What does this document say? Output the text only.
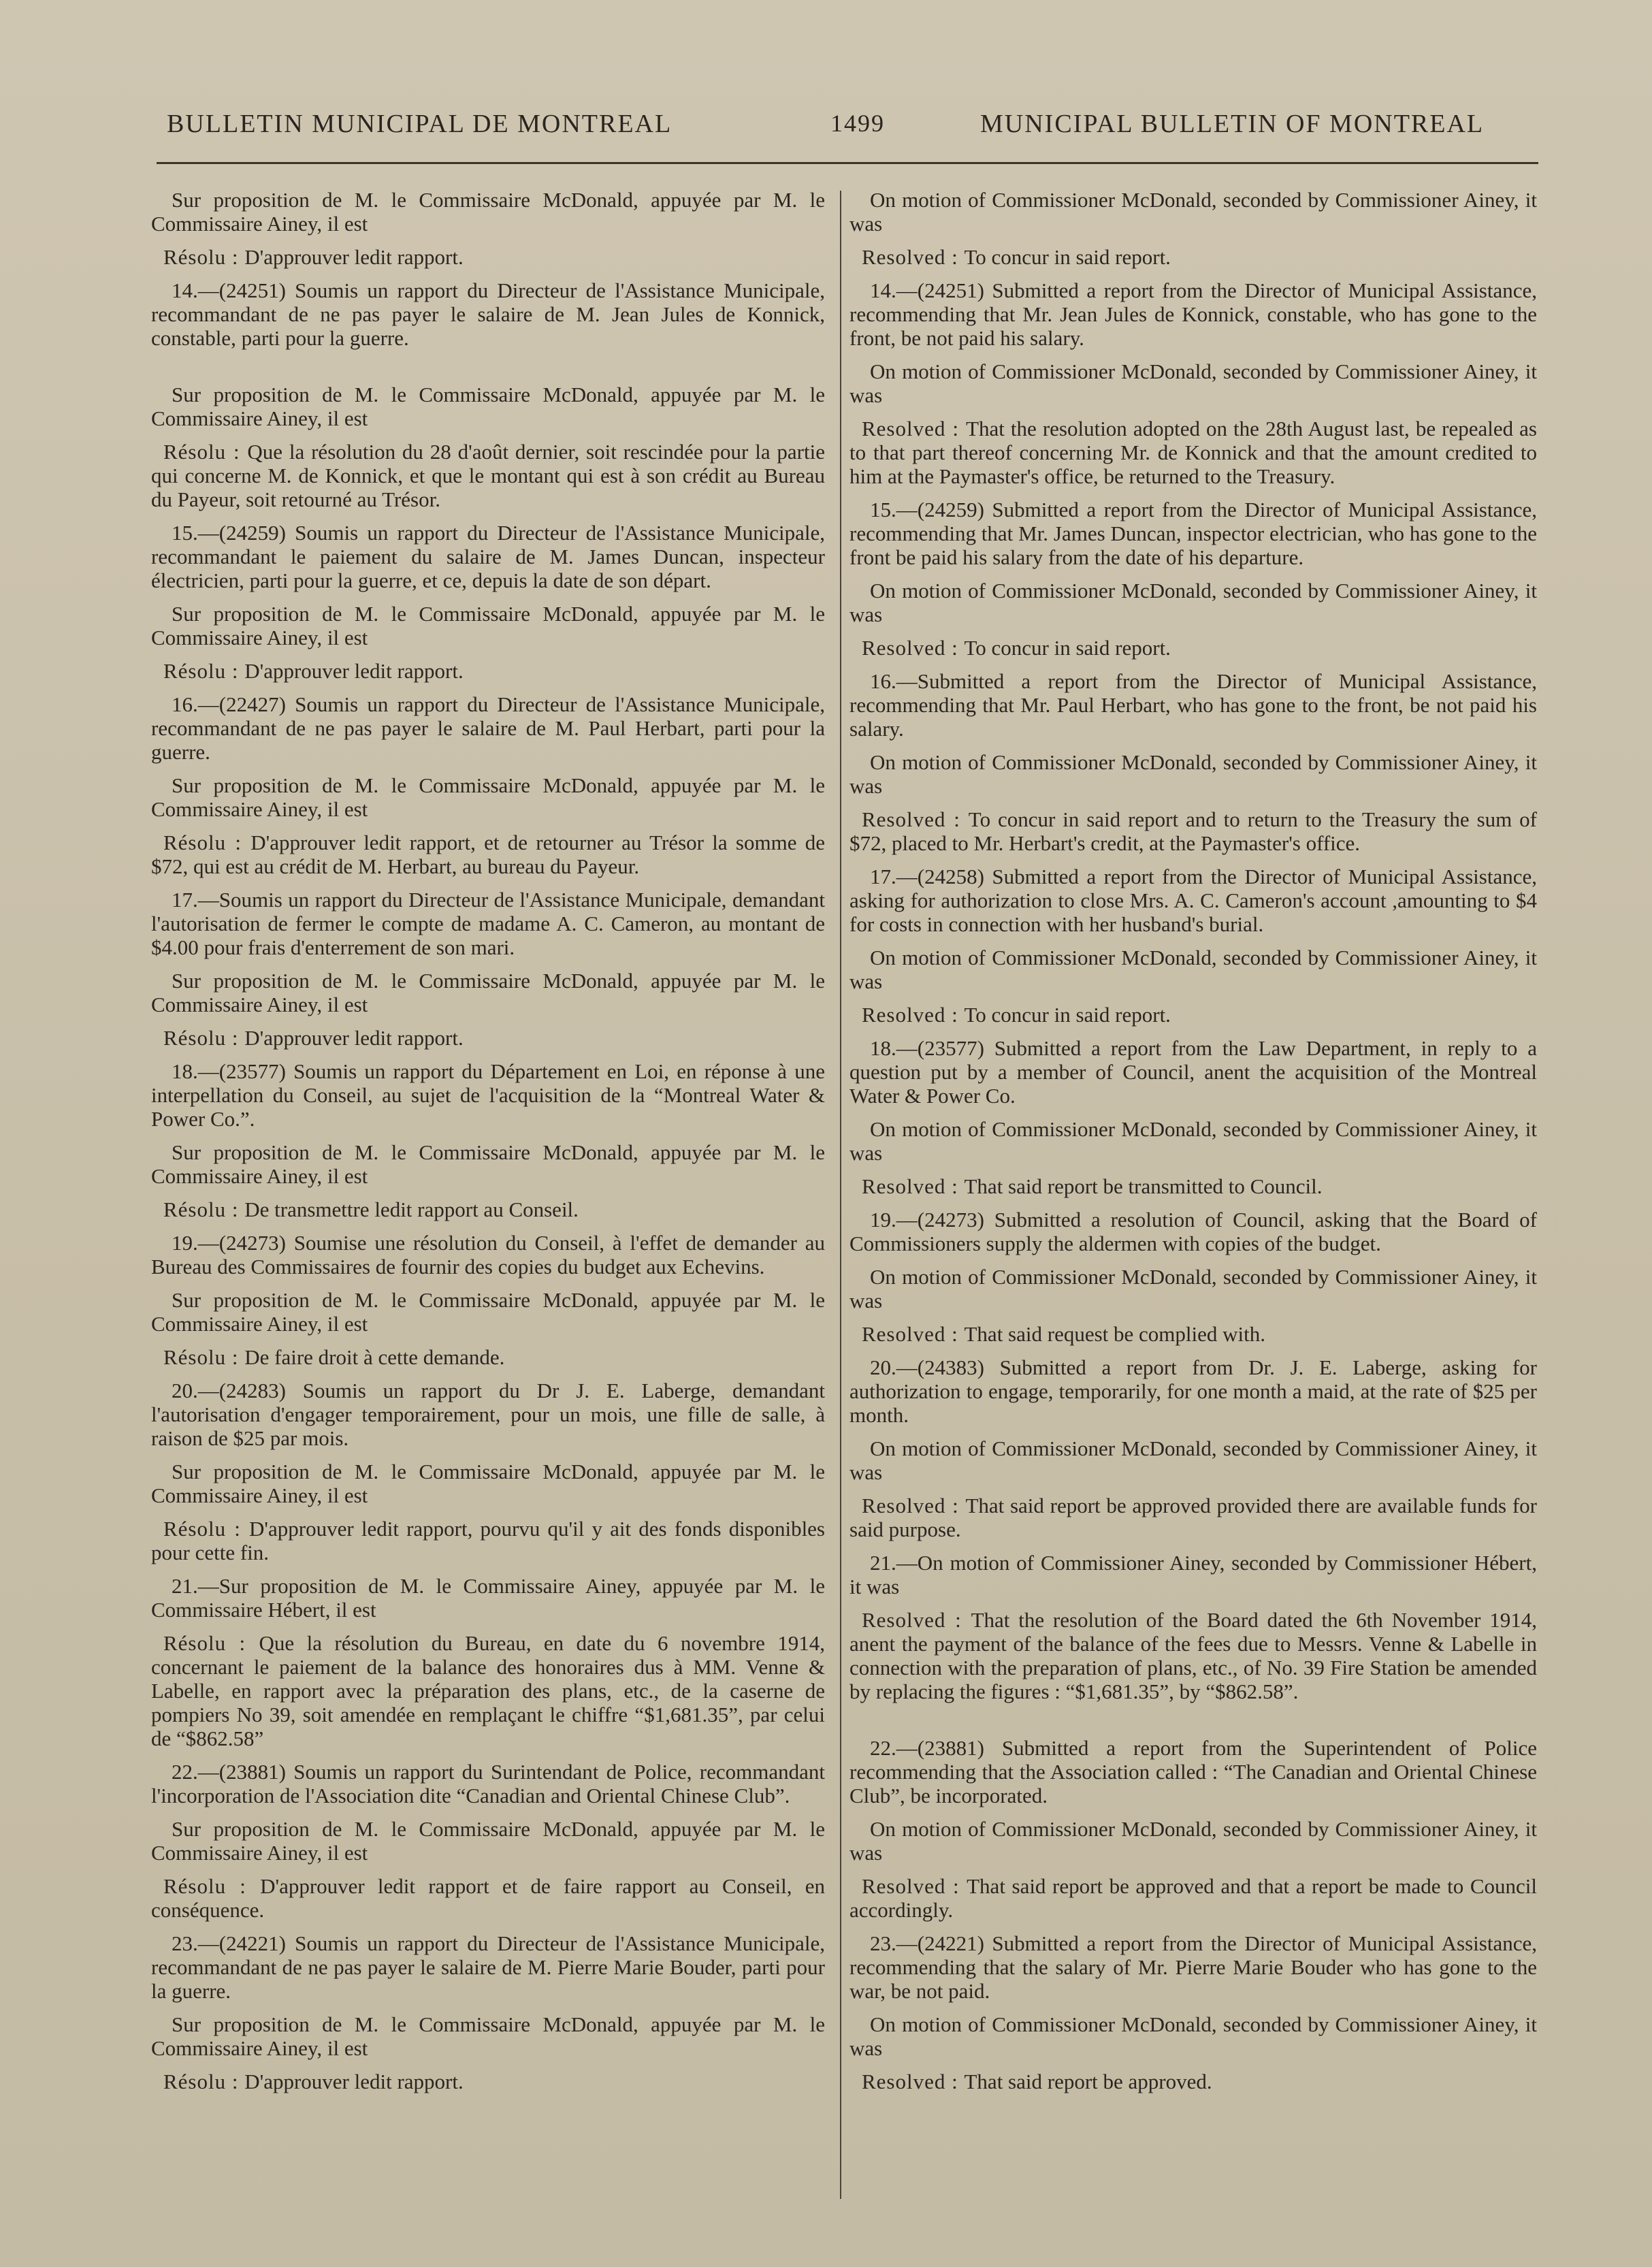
BULLETIN MUNICIPAL DE MONTREAL	1499	MUNICIPAL BULLETIN OF MONTREAL

Sur proposition de M. le Commissaire McDonald, appuyée par M. le Commissaire Ainey, il est

Résolu : D'approuver ledit rapport.

14.—(24251) Soumis un rapport du Directeur de l'Assistance Municipale, recommandant de ne pas payer le salaire de M. Jean Jules de Konnick, constable, parti pour la guerre.

Sur proposition de M. le Commissaire McDonald, appuyée par M. le Commissaire Ainey, il est

Résolu : Que la résolution du 28 d'août dernier, soit rescindée pour la partie qui concerne M. de Konnick, et que le montant qui est à son crédit au Bureau du Payeur, soit retourné au Trésor.

15.—(24259) Soumis un rapport du Directeur de l'Assistance Municipale, recommandant le paiement du salaire de M. James Duncan, inspecteur électricien, parti pour la guerre, et ce, depuis la date de son départ.

Sur proposition de M. le Commissaire McDonald, appuyée par M. le Commissaire Ainey, il est

Résolu : D'approuver ledit rapport.

16.—(22427) Soumis un rapport du Directeur de l'Assistance Municipale, recommandant de ne pas payer le salaire de M. Paul Herbart, parti pour la guerre.

Sur proposition de M. le Commissaire McDonald, appuyée par M. le Commissaire Ainey, il est

Résolu : D'approuver ledit rapport, et de retourner au Trésor la somme de $72, qui est au crédit de M. Herbart, au bureau du Payeur.

17.—Soumis un rapport du Directeur de l'Assistance Municipale, demandant l'autorisation de fermer le compte de madame A. C. Cameron, au montant de $4.00 pour frais d'enterrement de son mari.

Sur proposition de M. le Commissaire McDonald, appuyée par M. le Commissaire Ainey, il est

Résolu : D'approuver ledit rapport.

18.—(23577) Soumis un rapport du Département en Loi, en réponse à une interpellation du Conseil, au sujet de l'acquisition de la “Montreal Water & Power Co.”.

Sur proposition de M. le Commissaire McDonald, appuyée par M. le Commissaire Ainey, il est

Résolu : De transmettre ledit rapport au Conseil.

19.—(24273) Soumise une résolution du Conseil, à l'effet de demander au Bureau des Commissaires de fournir des copies du budget aux Echevins.

Sur proposition de M. le Commissaire McDonald, appuyée par M. le Commissaire Ainey, il est

Résolu : De faire droit à cette demande.

20.—(24283) Soumis un rapport du Dr J. E. Laberge, demandant l'autorisation d'engager temporairement, pour un mois, une fille de salle, à raison de $25 par mois.

Sur proposition de M. le Commissaire McDonald, appuyée par M. le Commissaire Ainey, il est

Résolu : D'approuver ledit rapport, pourvu qu'il y ait des fonds disponibles pour cette fin.

21.—Sur proposition de M. le Commissaire Ainey, appuyée par M. le Commissaire Hébert, il est

Résolu : Que la résolution du Bureau, en date du 6 novembre 1914, concernant le paiement de la balance des honoraires dus à MM. Venne & Labelle, en rapport avec la préparation des plans, etc., de la caserne de pompiers No 39, soit amendée en remplaçant le chiffre “$1,681.35”, par celui de “$862.58”

22.—(23881) Soumis un rapport du Surintendant de Police, recommandant l'incorporation de l'Association dite “Canadian and Oriental Chinese Club”.

Sur proposition de M. le Commissaire McDonald, appuyée par M. le Commissaire Ainey, il est

Résolu : D'approuver ledit rapport et de faire rapport au Conseil, en conséquence.

23.—(24221) Soumis un rapport du Directeur de l'Assistance Municipale, recommandant de ne pas payer le salaire de M. Pierre Marie Bouder, parti pour la guerre.

Sur proposition de M. le Commissaire McDonald, appuyée par M. le Commissaire Ainey, il est

Résolu : D'approuver ledit rapport.

On motion of Commissioner McDonald, seconded by Commissioner Ainey, it was

Resolved : To concur in said report.

14.—(24251) Submitted a report from the Director of Municipal Assistance, recommending that Mr. Jean Jules de Konnick, constable, who has gone to the front, be not paid his salary.

On motion of Commissioner McDonald, seconded by Commissioner Ainey, it was

Resolved : That the resolution adopted on the 28th August last, be repealed as to that part thereof concerning Mr. de Konnick and that the amount credited to him at the Paymaster's office, be returned to the Treasury.

15.—(24259) Submitted a report from the Director of Municipal Assistance, recommending that Mr. James Duncan, inspector electrician, who has gone to the front be paid his salary from the date of his departure.

On motion of Commissioner McDonald, seconded by Commissioner Ainey, it was

Resolved : To concur in said report.

16.—Submitted a report from the Director of Municipal Assistance, recommending that Mr. Paul Herbart, who has gone to the front, be not paid his salary.

On motion of Commissioner McDonald, seconded by Commissioner Ainey, it was

Resolved : To concur in said report and to return to the Treasury the sum of $72, placed to Mr. Herbart's credit, at the Paymaster's office.

17.—(24258) Submitted a report from the Director of Municipal Assistance, asking for authorization to close Mrs. A. C. Cameron's account ,amounting to $4 for costs in connection with her husband's burial.

On motion of Commissioner McDonald, seconded by Commissioner Ainey, it was

Resolved : To concur in said report.

18.—(23577) Submitted a report from the Law Department, in reply to a question put by a member of Council, anent the acquisition of the Montreal Water & Power Co.

On motion of Commissioner McDonald, seconded by Commissioner Ainey, it was

Resolved : That said report be transmitted to Council.

19.—(24273) Submitted a resolution of Council, asking that the Board of Commissioners supply the aldermen with copies of the budget.

On motion of Commissioner McDonald, seconded by Commissioner Ainey, it was

Resolved : That said request be complied with.

20.—(24383) Submitted a report from Dr. J. E. Laberge, asking for authorization to engage, temporarily, for one month a maid, at the rate of $25 per month.

On motion of Commissioner McDonald, seconded by Commissioner Ainey, it was

Resolved : That said report be approved provided there are available funds for said purpose.

21.—On motion of Commissioner Ainey, seconded by Commissioner Hébert, it was

Resolved : That the resolution of the Board dated the 6th November 1914, anent the payment of the balance of the fees due to Messrs. Venne & Labelle in connection with the preparation of plans, etc., of No. 39 Fire Station be amended by replacing the figures : “$1,681.35”, by “$862.58”.

22.—(23881) Submitted a report from the Superintendent of Police recommending that the Association called : “The Canadian and Oriental Chinese Club”, be incorporated.

On motion of Commissioner McDonald, seconded by Commissioner Ainey, it was

Resolved : That said report be approved and that a report be made to Council accordingly.

23.—(24221) Submitted a report from the Director of Municipal Assistance, recommending that the salary of Mr. Pierre Marie Bouder who has gone to the war, be not paid.

On motion of Commissioner McDonald, seconded by Commissioner Ainey, it was

Resolved : That said report be approved.
